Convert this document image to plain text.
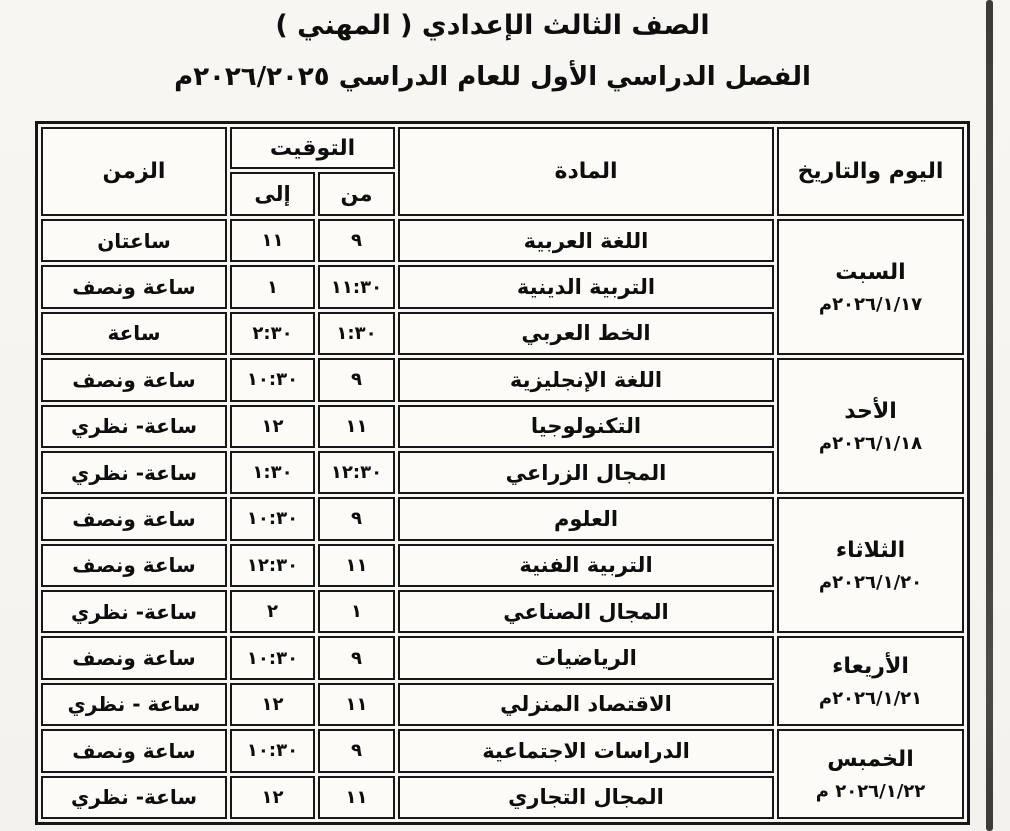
الصف الثالث الإعدادي ( المهني )
الفصل الدراسي الأول للعام الدراسي ٢٠٢٦/٢٠٢٥م
اليوم والتاريخ	المادة	التوقيت		الزمن
		من	إلى	

السبت
٢٠٢٦/١/١٧م	اللغة العربية	٩	١١	ساعتان
	التربية الدينية	١١:٣٠	١	ساعة ونصف
	الخط العربي	١:٣٠	٢:٣٠	ساعة

الأحد
٢٠٢٦/١/١٨م	اللغة الإنجليزية	٩	١٠:٣٠	ساعة ونصف
	التكنولوجيا	١١	١٢	ساعة- نظري
	المجال الزراعي	١٢:٣٠	١:٣٠	ساعة- نظري

الثلاثاء
٢٠٢٦/١/٢٠م	العلوم	٩	١٠:٣٠	ساعة ونصف
	التربية الفنية	١١	١٢:٣٠	ساعة ونصف
	المجال الصناعي	١	٢	ساعة- نظري

الأريعاء
٢٠٢٦/١/٢١م	الرياضيات	٩	١٠:٣٠	ساعة ونصف
	الاقتصاد المنزلي	١١	١٢	ساعة - نظري

الخمبس
٢٠٢٦/١/٢٢ م	الدراسات الاجتماعية	٩	١٠:٣٠	ساعة ونصف
	المجال التجاري	١١	١٢	ساعة- نظري
